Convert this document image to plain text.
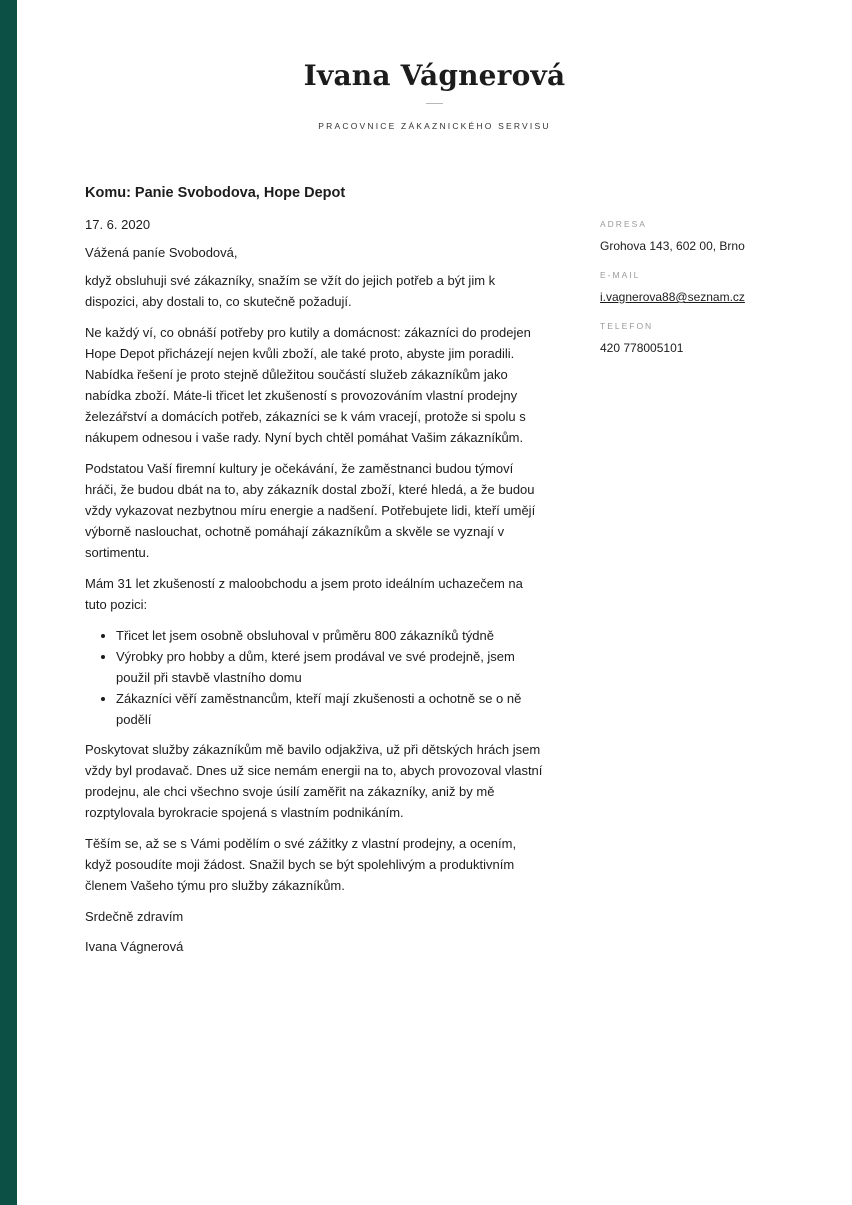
Ivana Vágnerová
PRACOVNICE ZÁKAZNICKÉHO SERVISU

Komu: Panie Svobodova, Hope Depot

17. 6. 2020

Vážená paníe Svobodová,

když obsluhuji své zákazníky, snažím se vžít do jejich potřeb a být jim k dispozici, aby dostali to, co skutečně požadují.

Ne každý ví, co obnáší potřeby pro kutily a domácnost: zákazníci do prodejen Hope Depot přicházejí nejen kvůli zboží, ale také proto, abyste jim poradili. Nabídka řešení je proto stejně důležitou součástí služeb zákazníkům jako nabídka zboží. Máte-li třicet let zkušeností s provozováním vlastní prodejny železářství a domácích potřeb, zákazníci se k vám vracejí, protože si spolu s nákupem odnesou i vaše rady. Nyní bych chtěl pomáhat Vašim zákazníkům.

Podstatou Vaší firemní kultury je očekávání, že zaměstnanci budou týmoví hráči, že budou dbát na to, aby zákazník dostal zboží, které hledá, a že budou vždy vykazovat nezbytnou míru energie a nadšení. Potřebujete lidi, kteří umějí výborně naslouchat, ochotně pomáhají zákazníkům a skvěle se vyznají v sortimentu.

Mám 31 let zkušeností z maloobchodu a jsem proto ideálním uchazečem na tuto pozici:

• Třicet let jsem osobně obsluhoval v průměru 800 zákazníků týdně
• Výrobky pro hobby a dům, které jsem prodával ve své prodejně, jsem použil při stavbě vlastního domu
• Zákazníci věří zaměstnancům, kteří mají zkušenosti a ochotně se o ně podělí

Poskytovat služby zákazníkům mě bavilo odjakživa, už při dětských hrách jsem vždy byl prodavač. Dnes už sice nemám energii na to, abych provozoval vlastní prodejnu, ale chci všechno svoje úsilí zaměřit na zákazníky, aniž by mě rozptylovala byrokracie spojená s vlastním podnikáním.

Těším se, až se s Vámi podělím o své zážitky z vlastní prodejny, a ocením, když posoudíte moji žádost. Snažil bych se být spolehlivým a produktivním členem Vašeho týmu pro služby zákazníkům.

Srdečně zdravím

Ivana Vágnerová

ADRESA

Grohova 143, 602 00, Brno

E-MAIL

i.vagnerova88@seznam.cz

TELEFON

420 778005101
